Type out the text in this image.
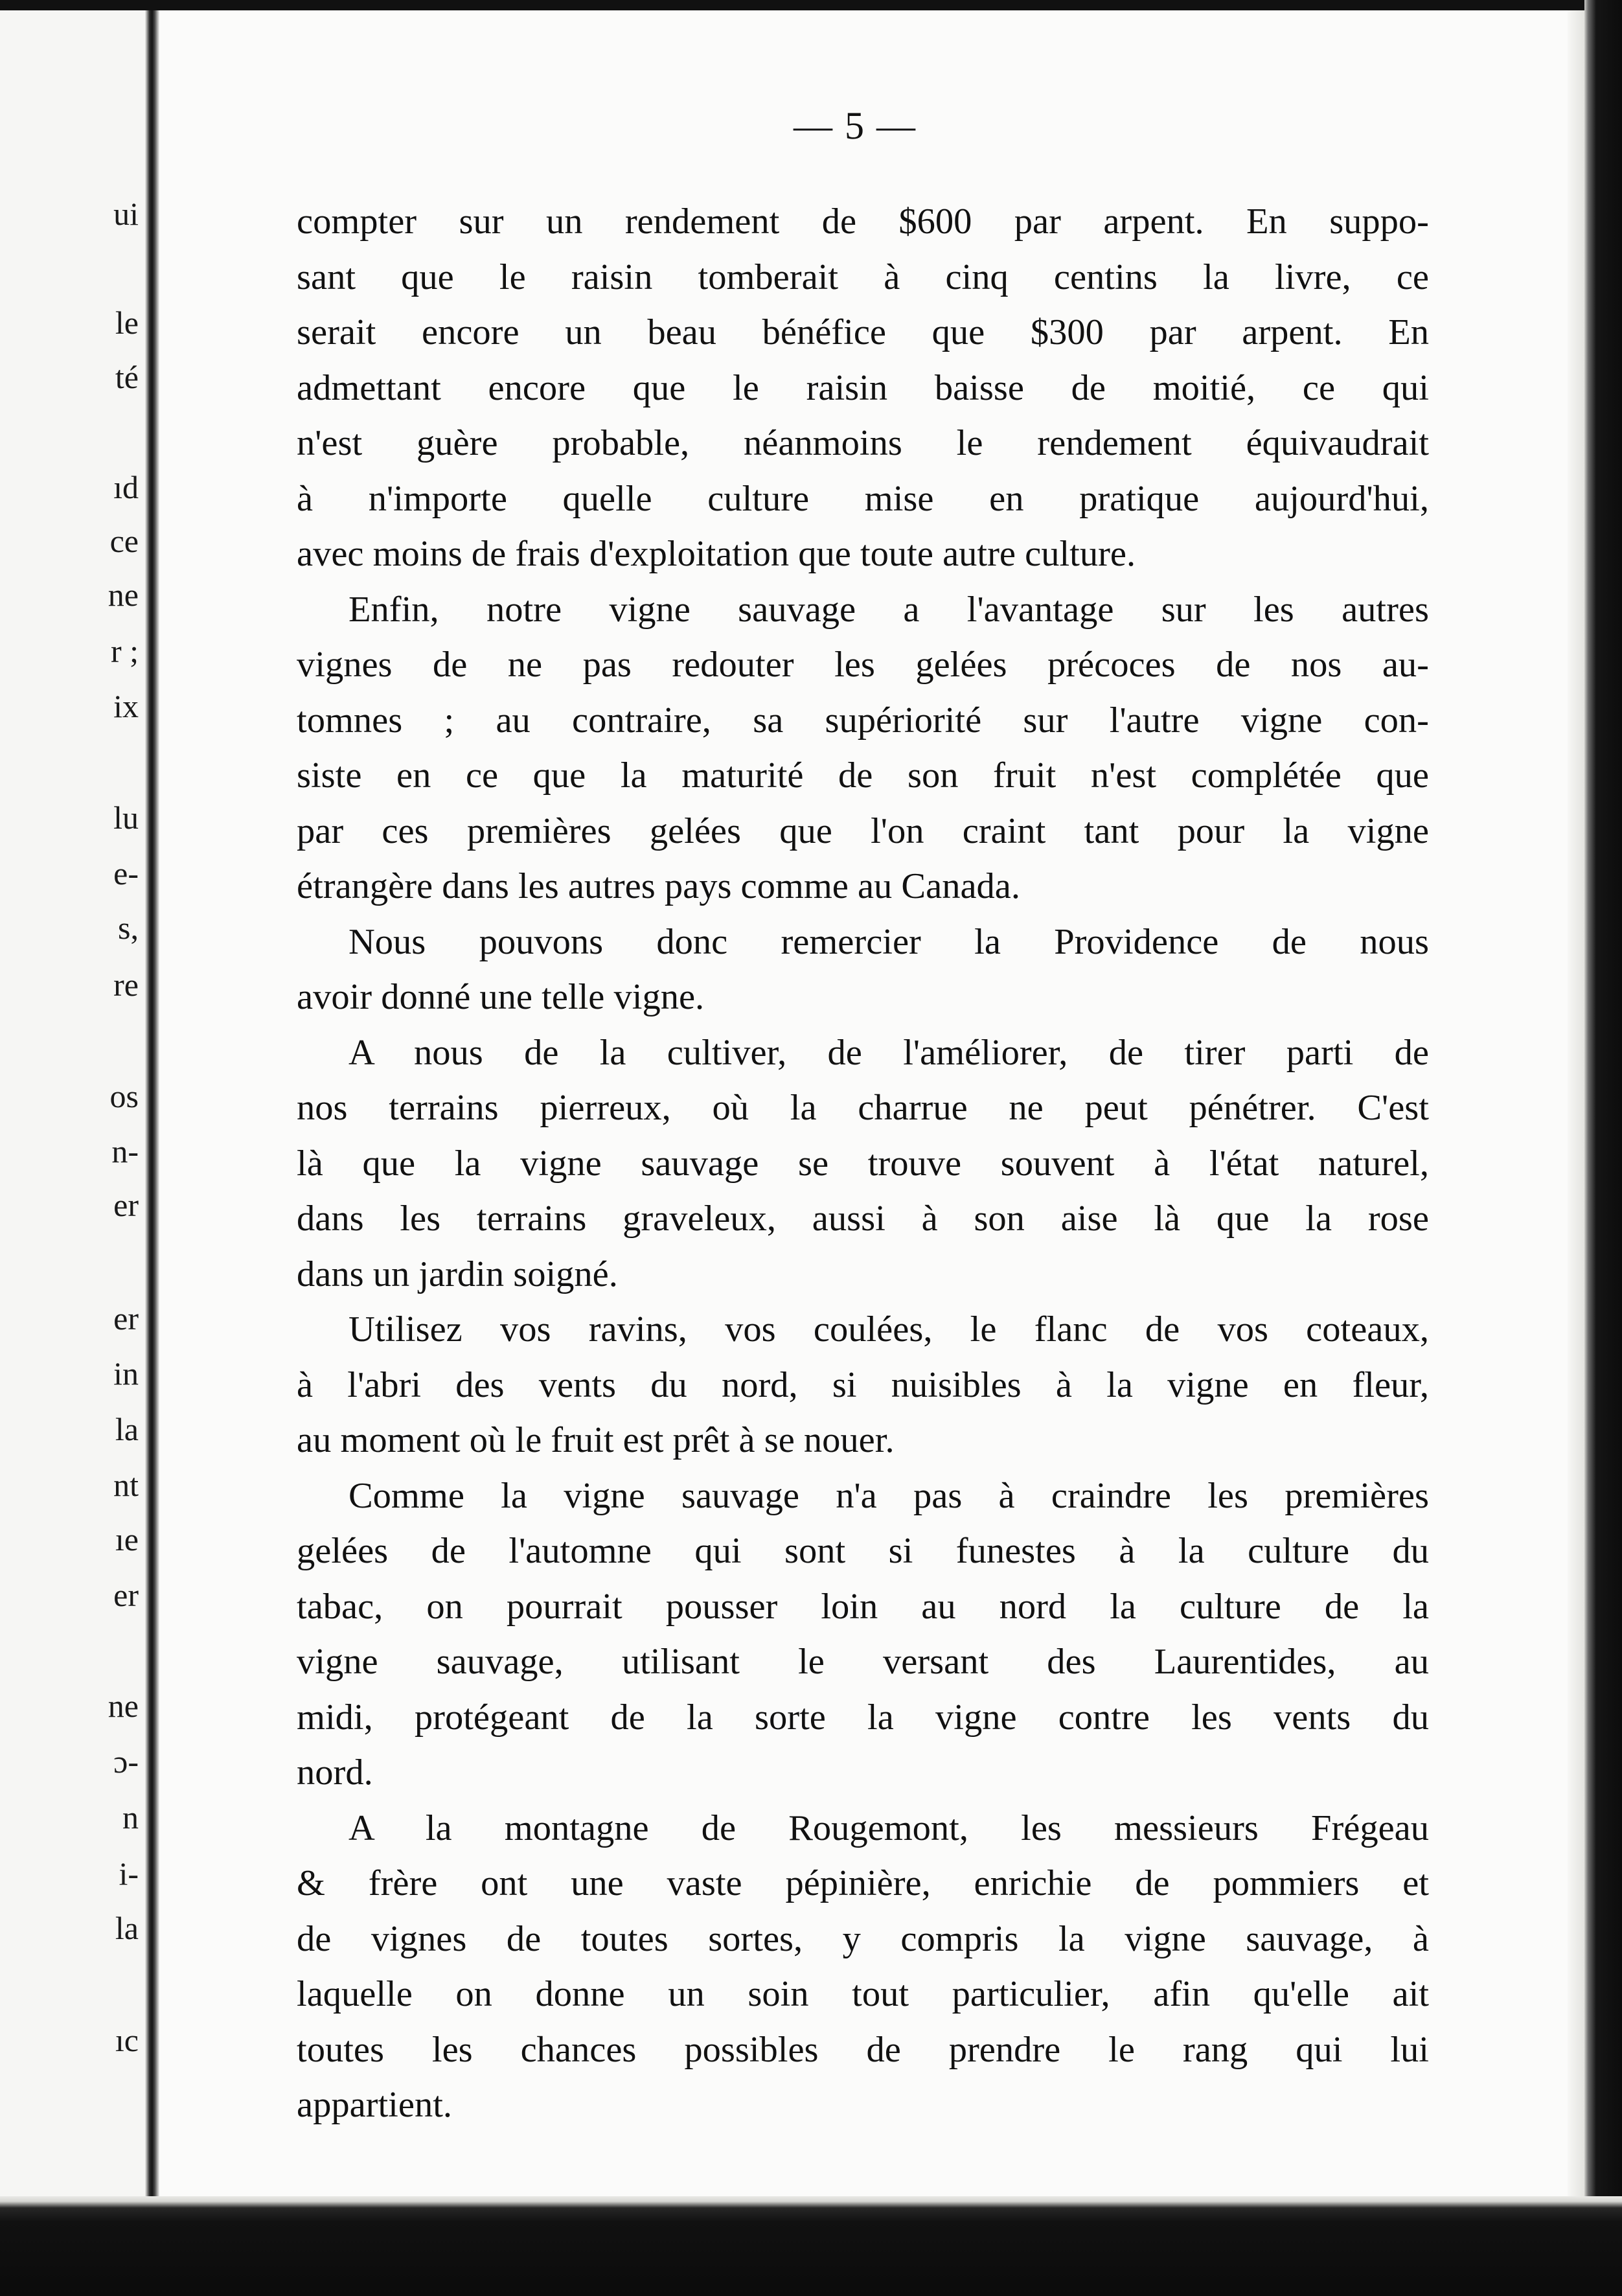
ui
le
té
ıd
ce
ne
r ;
ix
lu
e-
s,
re
os
n-
er
er
in
la
nt
ıe
er
ne
ɔ-
n
i-
la
ıc
— 5 —
compter sur un rendement de $600 par arpent. En suppo-
sant que le raisin tomberait à cinq centins la livre, ce
serait encore un beau bénéfice que $300 par arpent. En
admettant encore que le raisin baisse de moitié, ce qui
n'est guère probable, néanmoins le rendement équivaudrait
à n'importe quelle culture mise en pratique aujourd'hui,
avec moins de frais d'exploitation que toute autre culture.
Enfin, notre vigne sauvage a l'avantage sur les autres
vignes de ne pas redouter les gelées précoces de nos au-
tomnes ; au contraire, sa supériorité sur l'autre vigne con-
siste en ce que la maturité de son fruit n'est complétée que
par ces premières gelées que l'on craint tant pour la vigne
étrangère dans les autres pays comme au Canada.
Nous pouvons donc remercier la Providence de nous
avoir donné une telle vigne.
A nous de la cultiver, de l'améliorer, de tirer parti de
nos terrains pierreux, où la charrue ne peut pénétrer. C'est
là que la vigne sauvage se trouve souvent à l'état naturel,
dans les terrains graveleux, aussi à son aise là que la rose
dans un jardin soigné.
Utilisez vos ravins, vos coulées, le flanc de vos coteaux,
à l'abri des vents du nord, si nuisibles à la vigne en fleur,
au moment où le fruit est prêt à se nouer.
Comme la vigne sauvage n'a pas à craindre les premières
gelées de l'automne qui sont si funestes à la culture du
tabac, on pourrait pousser loin au nord la culture de la
vigne sauvage, utilisant le versant des Laurentides, au
midi, protégeant de la sorte la vigne contre les vents du
nord.
A la montagne de Rougemont, les messieurs Frégeau
& frère ont une vaste pépinière, enrichie de pommiers et
de vignes de toutes sortes, y compris la vigne sauvage, à
laquelle on donne un soin tout particulier, afin qu'elle ait
toutes les chances possibles de prendre le rang qui lui
appartient.
